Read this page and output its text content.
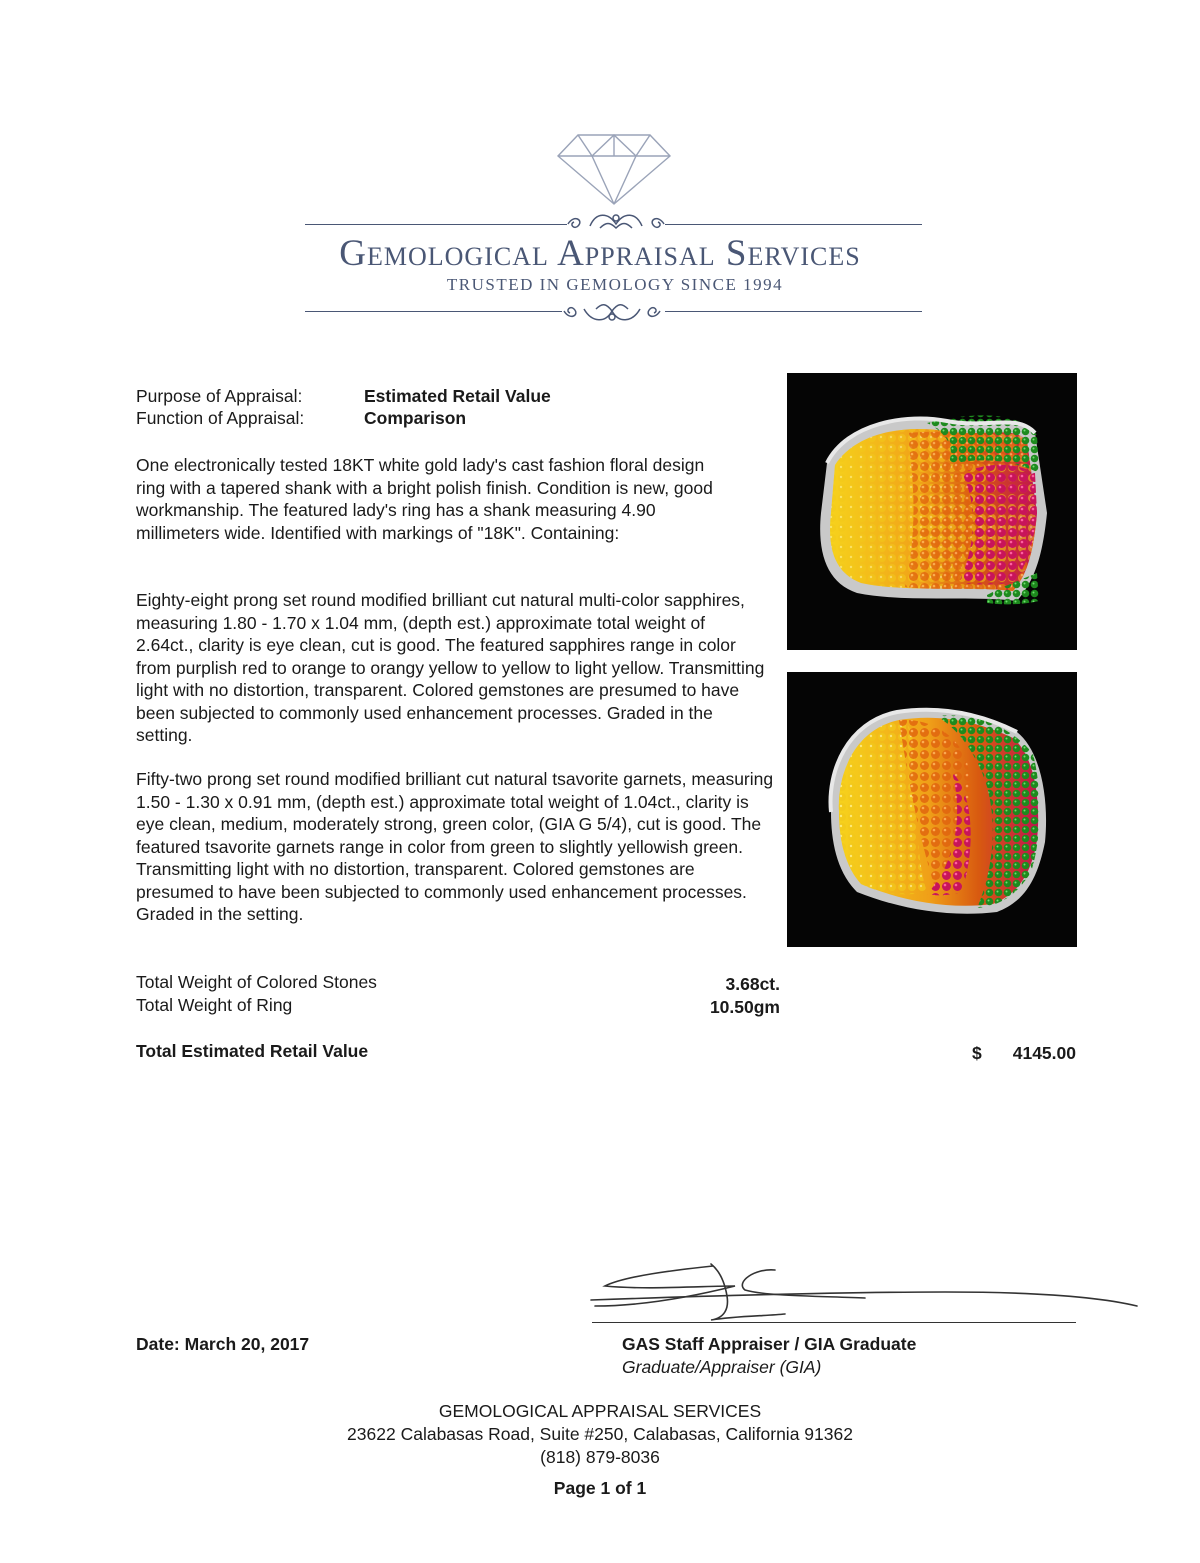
Gemological Appraisal Services
TRUSTED IN GEMOLOGY SINCE 1994
Purpose of Appraisal:	Estimated Retail Value
Function of Appraisal:	Comparison
One electronically tested 18KT white gold lady's cast fashion floral design ring with a tapered shank with a bright polish finish. Condition is new, good workmanship. The featured lady's ring has a shank measuring 4.90 millimeters wide. Identified with markings of "18K". Containing:
Eighty-eight prong set round modified brilliant cut natural multi-color sapphires, measuring 1.80 - 1.70 x 1.04 mm, (depth est.) approximate total weight of 2.64ct., clarity is eye clean, cut is good. The featured sapphires range in color from purplish red to orange to orangy yellow to yellow to light yellow. Transmitting light with no distortion, transparent. Colored gemstones are presumed to have been subjected to commonly used enhancement processes. Graded in the setting.
Fifty-two prong set round modified brilliant cut natural tsavorite garnets, measuring 1.50 - 1.30 x 0.91 mm, (depth est.) approximate total weight of 1.04ct., clarity is eye clean, medium, moderately strong, green color, (GIA G 5/4), cut is good. The featured tsavorite garnets range in color from green to slightly yellowish green. Transmitting light with no distortion, transparent. Colored gemstones are presumed to have been subjected to commonly used enhancement processes. Graded in the setting.
Total Weight of Colored Stones	3.68ct.
Total Weight of Ring	10.50gm
Total Estimated Retail Value	$	4145.00
Date: March 20, 2017	GAS Staff Appraiser / GIA Graduate
Graduate/Appraiser (GIA)
GEMOLOGICAL APPRAISAL SERVICES
23622 Calabasas Road, Suite #250, Calabasas, California 91362
(818) 879-8036
Page 1 of 1
